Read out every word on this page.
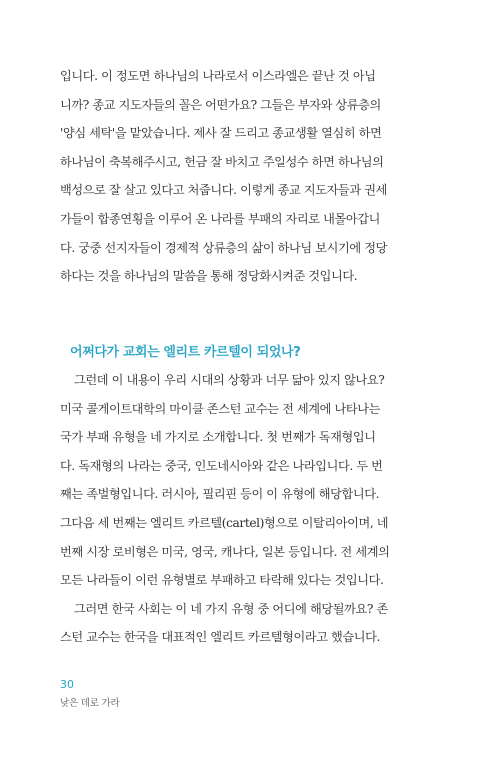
입니다. 이 정도면 하나님의 나라로서 이스라엘은 끝난 것 아닙

니까? 종교 지도자들의 꼴은 어떤가요? 그들은 부자와 상류층의

'양심 세탁'을 맡았습니다. 제사 잘 드리고 종교생활 열심히 하면

하나님이 축복해주시고, 헌금 잘 바치고 주일성수 하면 하나님의

백성으로 잘 살고 있다고 처줍니다. 이렇게 종교 지도자들과 권세

가들이 합종연횡을 이루어 온 나라를 부패의 자리로 내몰아갑니

다. 궁중 선지자들이 경제적 상류층의 삶이 하나님 보시기에 정당

하다는 것을 하나님의 말씀을 통해 정당화시켜준 것입니다.

어쩌다가 교회는 엘리트 카르텔이 되었나?

그런데 이 내용이 우리 시대의 상황과 너무 닮아 있지 않나요?

미국 콜게이트대학의 마이클 존스턴 교수는 전 세계에 나타나는

국가 부패 유형을 네 가지로 소개합니다. 첫 번째가 독재형입니

다. 독재형의 나라는 중국, 인도네시아와 같은 나라입니다. 두 번

째는 족벌형입니다. 러시아, 필리핀 등이 이 유형에 해당합니다.

그다음 세 번째는 엘리트 카르텔(cartel)형으로 이탈리아이며, 네

번째 시장 로비형은 미국, 영국, 캐나다, 일본 등입니다. 전 세계의

모든 나라들이 이런 유형별로 부패하고 타락해 있다는 것입니다.

그러면 한국 사회는 이 네 가지 유형 중 어디에 해당될까요? 존

스턴 교수는 한국을 대표적인 엘리트 카르텔형이라고 했습니다.

30
낮은 데로 가라
